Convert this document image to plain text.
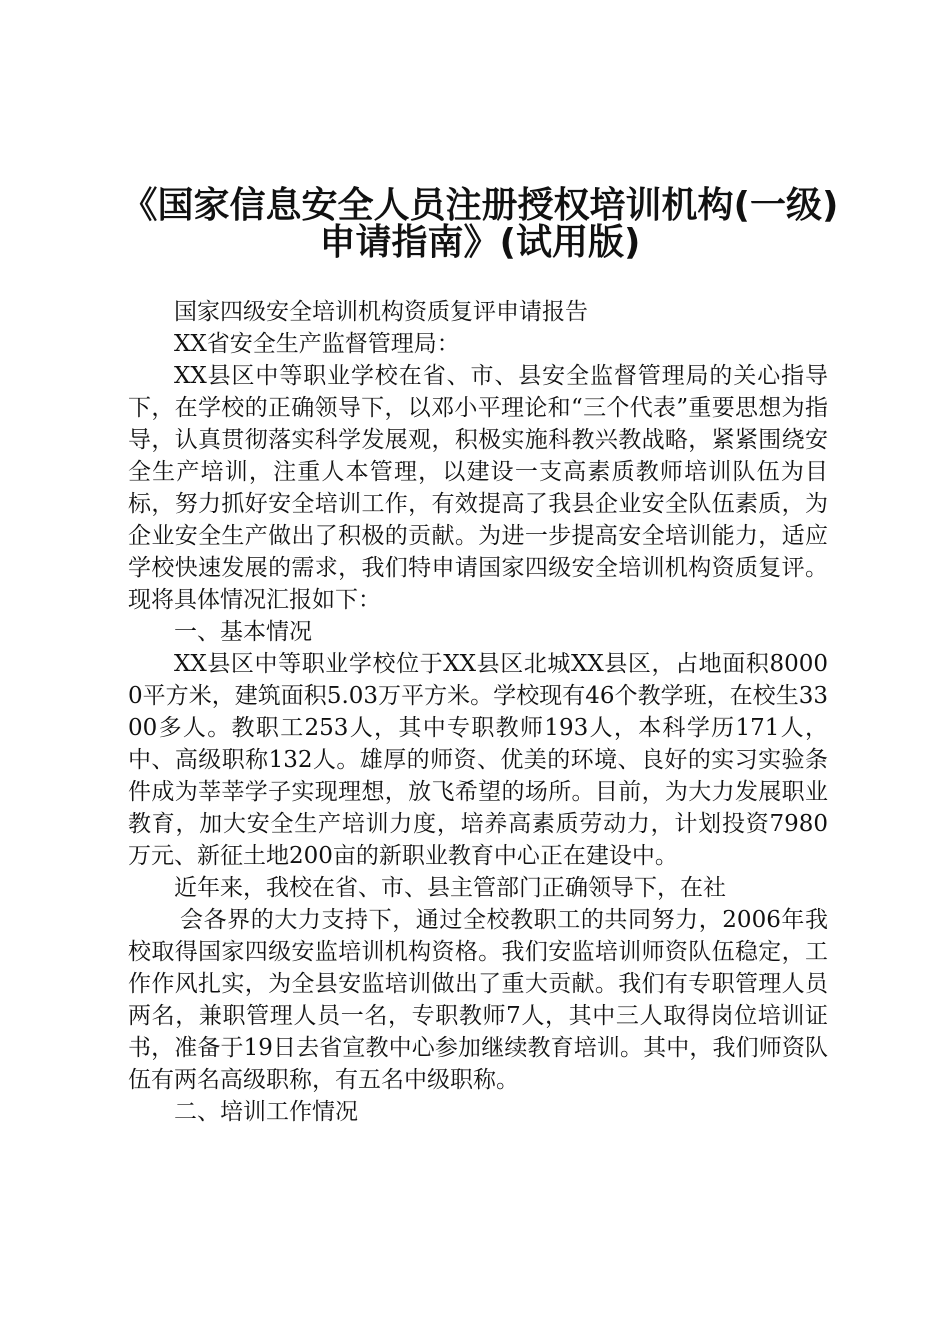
《国家信息安全人员注册授权培训机构(一级)
申请指南》(试用版)

国家四级安全培训机构资质复评申请报告

XX省安全生产监督管理局：

XX县区中等职业学校在省、市、县安全监督管理局的关心指导下，在学校的正确领导下，以邓小平理论和“三个代表”重要思想为指导，认真贯彻落实科学发展观，积极实施科教兴教战略，紧紧围绕安全生产培训，注重人本管理，以建设一支高素质教师培训队伍为目标，努力抓好安全培训工作，有效提高了我县企业安全队伍素质，为企业安全生产做出了积极的贡献。为进一步提高安全培训能力，适应学校快速发展的需求，我们特申请国家四级安全培训机构资质复评。现将具体情况汇报如下：

一、基本情况

XX县区中等职业学校位于XX县区北城XX县区，占地面积80000平方米，建筑面积5.03万平方米。学校现有46个教学班，在校生3300多人。教职工253人，其中专职教师193人，本科学历171人，中、高级职称132人。雄厚的师资、优美的环境、良好的实习实验条件成为莘莘学子实现理想，放飞希望的场所。目前，为大力发展职业教育，加大安全生产培训力度，培养高素质劳动力，计划投资7980万元、新征土地200亩的新职业教育中心正在建设中。

近年来，我校在省、市、县主管部门正确领导下，在社

会各界的大力支持下，通过全校教职工的共同努力，2006年我校取得国家四级安监培训机构资格。我们安监培训师资队伍稳定，工作作风扎实，为全县安监培训做出了重大贡献。我们有专职管理人员两名，兼职管理人员一名，专职教师7人，其中三人取得岗位培训证书，准备于19日去省宣教中心参加继续教育培训。其中，我们师资队伍有两名高级职称，有五名中级职称。

二、培训工作情况
